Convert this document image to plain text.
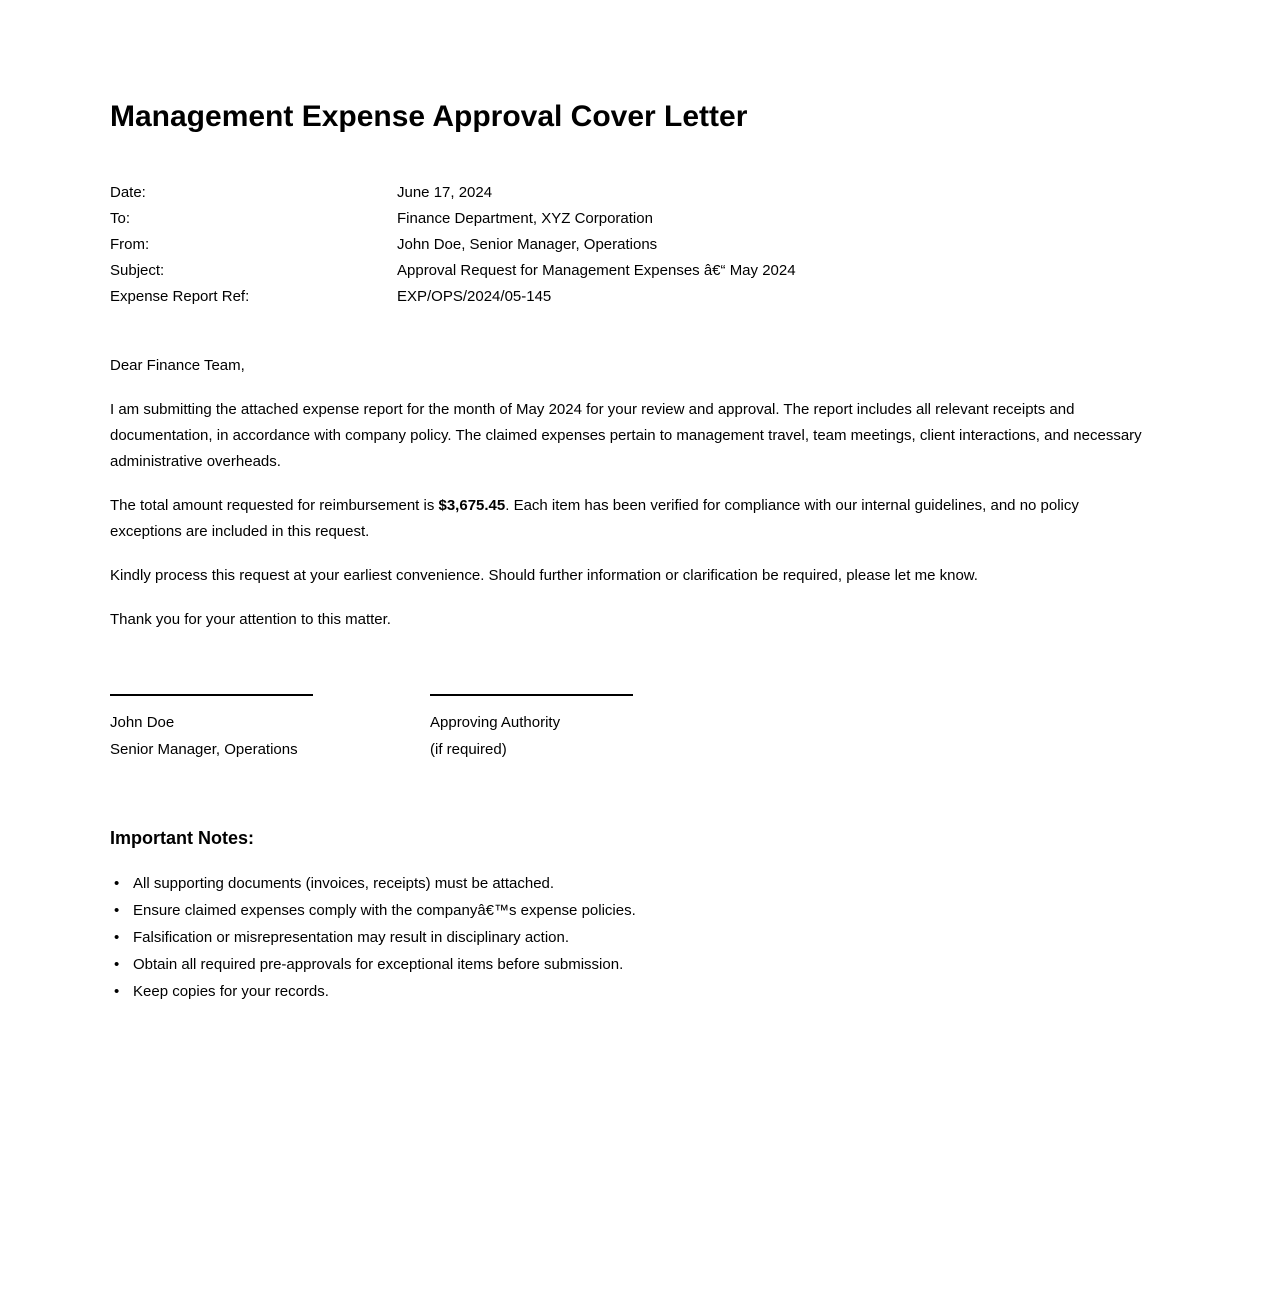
Management Expense Approval Cover Letter
Date:	June 17, 2024
To:	Finance Department, XYZ Corporation
From:	John Doe, Senior Manager, Operations
Subject:	Approval Request for Management Expenses â€“ May 2024
Expense Report Ref:	EXP/OPS/2024/05-145

Dear Finance Team,

I am submitting the attached expense report for the month of May 2024 for your review and approval. The report includes all relevant receipts and documentation, in accordance with company policy. The claimed expenses pertain to management travel, team meetings, client interactions, and necessary administrative overheads.

The total amount requested for reimbursement is $3,675.45. Each item has been verified for compliance with our internal guidelines, and no policy exceptions are included in this request.

Kindly process this request at your earliest convenience. Should further information or clarification be required, please let me know.

Thank you for your attention to this matter.

John Doe
Senior Manager, Operations
Approving Authority
(if required)
Important Notes:
• All supporting documents (invoices, receipts) must be attached.
• Ensure claimed expenses comply with the companyâ€™s expense policies.
• Falsification or misrepresentation may result in disciplinary action.
• Obtain all required pre-approvals for exceptional items before submission.
• Keep copies for your records.
